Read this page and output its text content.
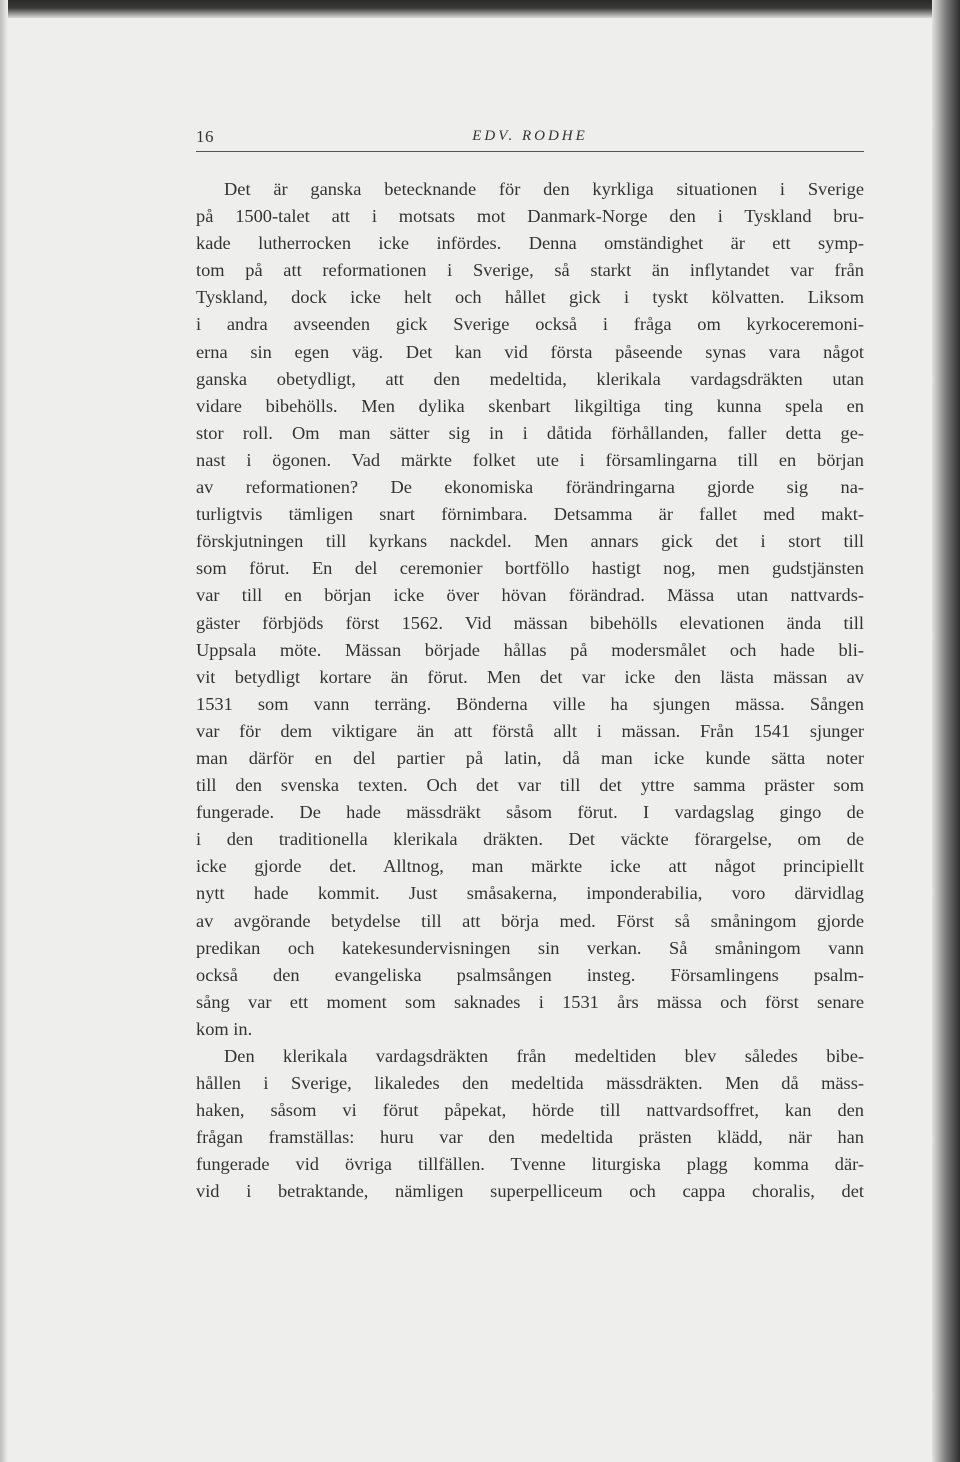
16	EDV. RODHE
Det är ganska betecknande för den kyrkliga situationen i Sverige
på 1500-talet att i motsats mot Danmark-Norge den i Tyskland bru-
kade lutherrocken icke infördes. Denna omständighet är ett symp-
tom på att reformationen i Sverige, så starkt än inflytandet var från
Tyskland, dock icke helt och hållet gick i tyskt kölvatten. Liksom
i andra avseenden gick Sverige också i fråga om kyrkoceremoni-
erna sin egen väg. Det kan vid första påseende synas vara något
ganska obetydligt, att den medeltida, klerikala vardagsdräkten utan
vidare bibehölls. Men dylika skenbart likgiltiga ting kunna spela en
stor roll. Om man sätter sig in i dåtida förhållanden, faller detta ge-
nast i ögonen. Vad märkte folket ute i församlingarna till en början
av reformationen? De ekonomiska förändringarna gjorde sig na-
turligtvis tämligen snart förnimbara. Detsamma är fallet med makt-
förskjutningen till kyrkans nackdel. Men annars gick det i stort till
som förut. En del ceremonier bortföllo hastigt nog, men gudstjänsten
var till en början icke över hövan förändrad. Mässa utan nattvards-
gäster förbjöds först 1562. Vid mässan bibehölls elevationen ända till
Uppsala möte. Mässan började hållas på modersmålet och hade bli-
vit betydligt kortare än förut. Men det var icke den lästa mässan av
1531 som vann terräng. Bönderna ville ha sjungen mässa. Sången
var för dem viktigare än att förstå allt i mässan. Från 1541 sjunger
man därför en del partier på latin, då man icke kunde sätta noter
till den svenska texten. Och det var till det yttre samma präster som
fungerade. De hade mässdräkt såsom förut. I vardagslag gingo de
i den traditionella klerikala dräkten. Det väckte förargelse, om de
icke gjorde det. Alltnog, man märkte icke att något principiellt
nytt hade kommit. Just småsakerna, imponderabilia, voro därvidlag
av avgörande betydelse till att börja med. Först så småningom gjorde
predikan och katekesundervisningen sin verkan. Så småningom vann
också den evangeliska psalmsången insteg. Församlingens psalm-
sång var ett moment som saknades i 1531 års mässa och först senare
kom in.
Den klerikala vardagsdräkten från medeltiden blev således bibe-
hållen i Sverige, likaledes den medeltida mässdräkten. Men då mäss-
haken, såsom vi förut påpekat, hörde till nattvardsoffret, kan den
frågan framställas: huru var den medeltida prästen klädd, när han
fungerade vid övriga tillfällen. Tvenne liturgiska plagg komma där-
vid i betraktande, nämligen superpelliceum och cappa choralis, det
